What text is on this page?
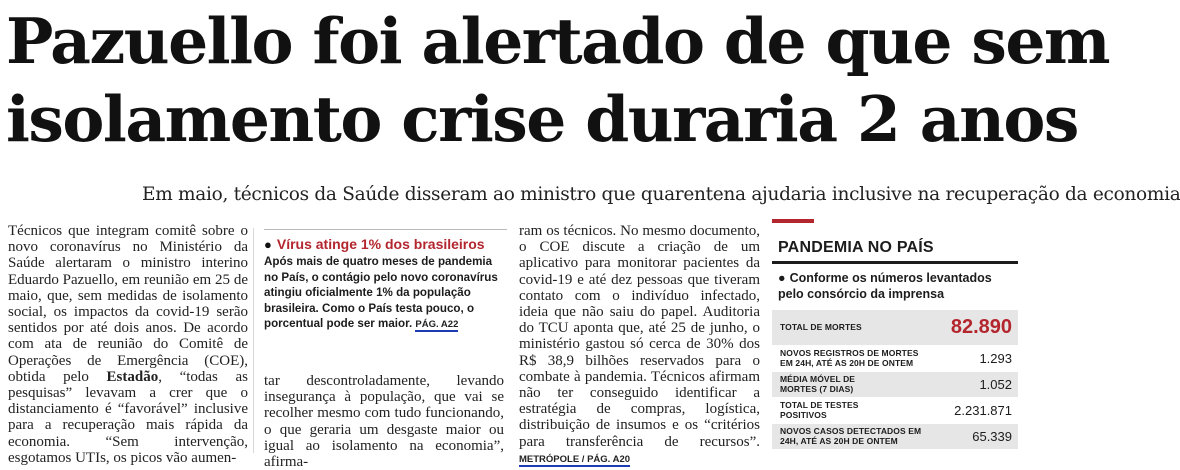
Pazuello foi alertado de que sem
isolamento crise duraria 2 anos

Em maio, técnicos da Saúde disseram ao ministro que quarentena ajudaria inclusive na recuperação da economia

Técnicos que integram comitê sobre o novo coronavírus no Ministério da Saúde alertaram o ministro interino Eduardo Pazuello, em reunião em 25 de maio, que, sem medidas de isolamento social, os impactos da covid-19 serão sentidos por até dois anos. De acordo com ata de reunião do Comitê de Operações de Emergência (COE), obtida pelo Estadão, “todas as pesquisas” levavam a crer que o distanciamento é “favorável” inclusive para a recuperação mais rápida da economia. “Sem intervenção, esgotamos UTIs, os picos vão aumen-

● Vírus atinge 1% dos brasileiros

Após mais de quatro meses de pandemia no País, o contágio pelo novo coronavírus atingiu oficialmente 1% da população brasileira. Como o País testa pouco, o porcentual pode ser maior. PÁG. A22

tar descontroladamente, levando insegurança à população, que vai se recolher mesmo com tudo funcionando, o que geraria um desgaste maior ou igual ao isolamento na economia”, afirma-

ram os técnicos. No mesmo documento, o COE discute a criação de um aplicativo para monitorar pacientes da covid-19 e até dez pessoas que tiveram contato com o indivíduo infectado, ideia que não saiu do papel. Auditoria do TCU aponta que, até 25 de junho, o ministério gastou só cerca de 30% dos R$ 38,9 bilhões reservados para o combate à pandemia. Técnicos afirmam não ter conseguido identificar a estratégia de compras, logística, distribuição de insumos e os “critérios para transferência de recursos”. METRÓPOLE / PÁG. A20

PANDEMIA NO PAÍS

● Conforme os números levantados pelo consórcio da imprensa

TOTAL DE MORTES	82.890
NOVOS REGISTROS DE MORTES EM 24H, ATÉ AS 20H DE ONTEM	1.293
MÉDIA MÓVEL DE MORTES (7 DIAS)	1.052
TOTAL DE TESTES POSITIVOS	2.231.871
NOVOS CASOS DETECTADOS EM 24H, ATÉ AS 20H DE ONTEM	65.339
